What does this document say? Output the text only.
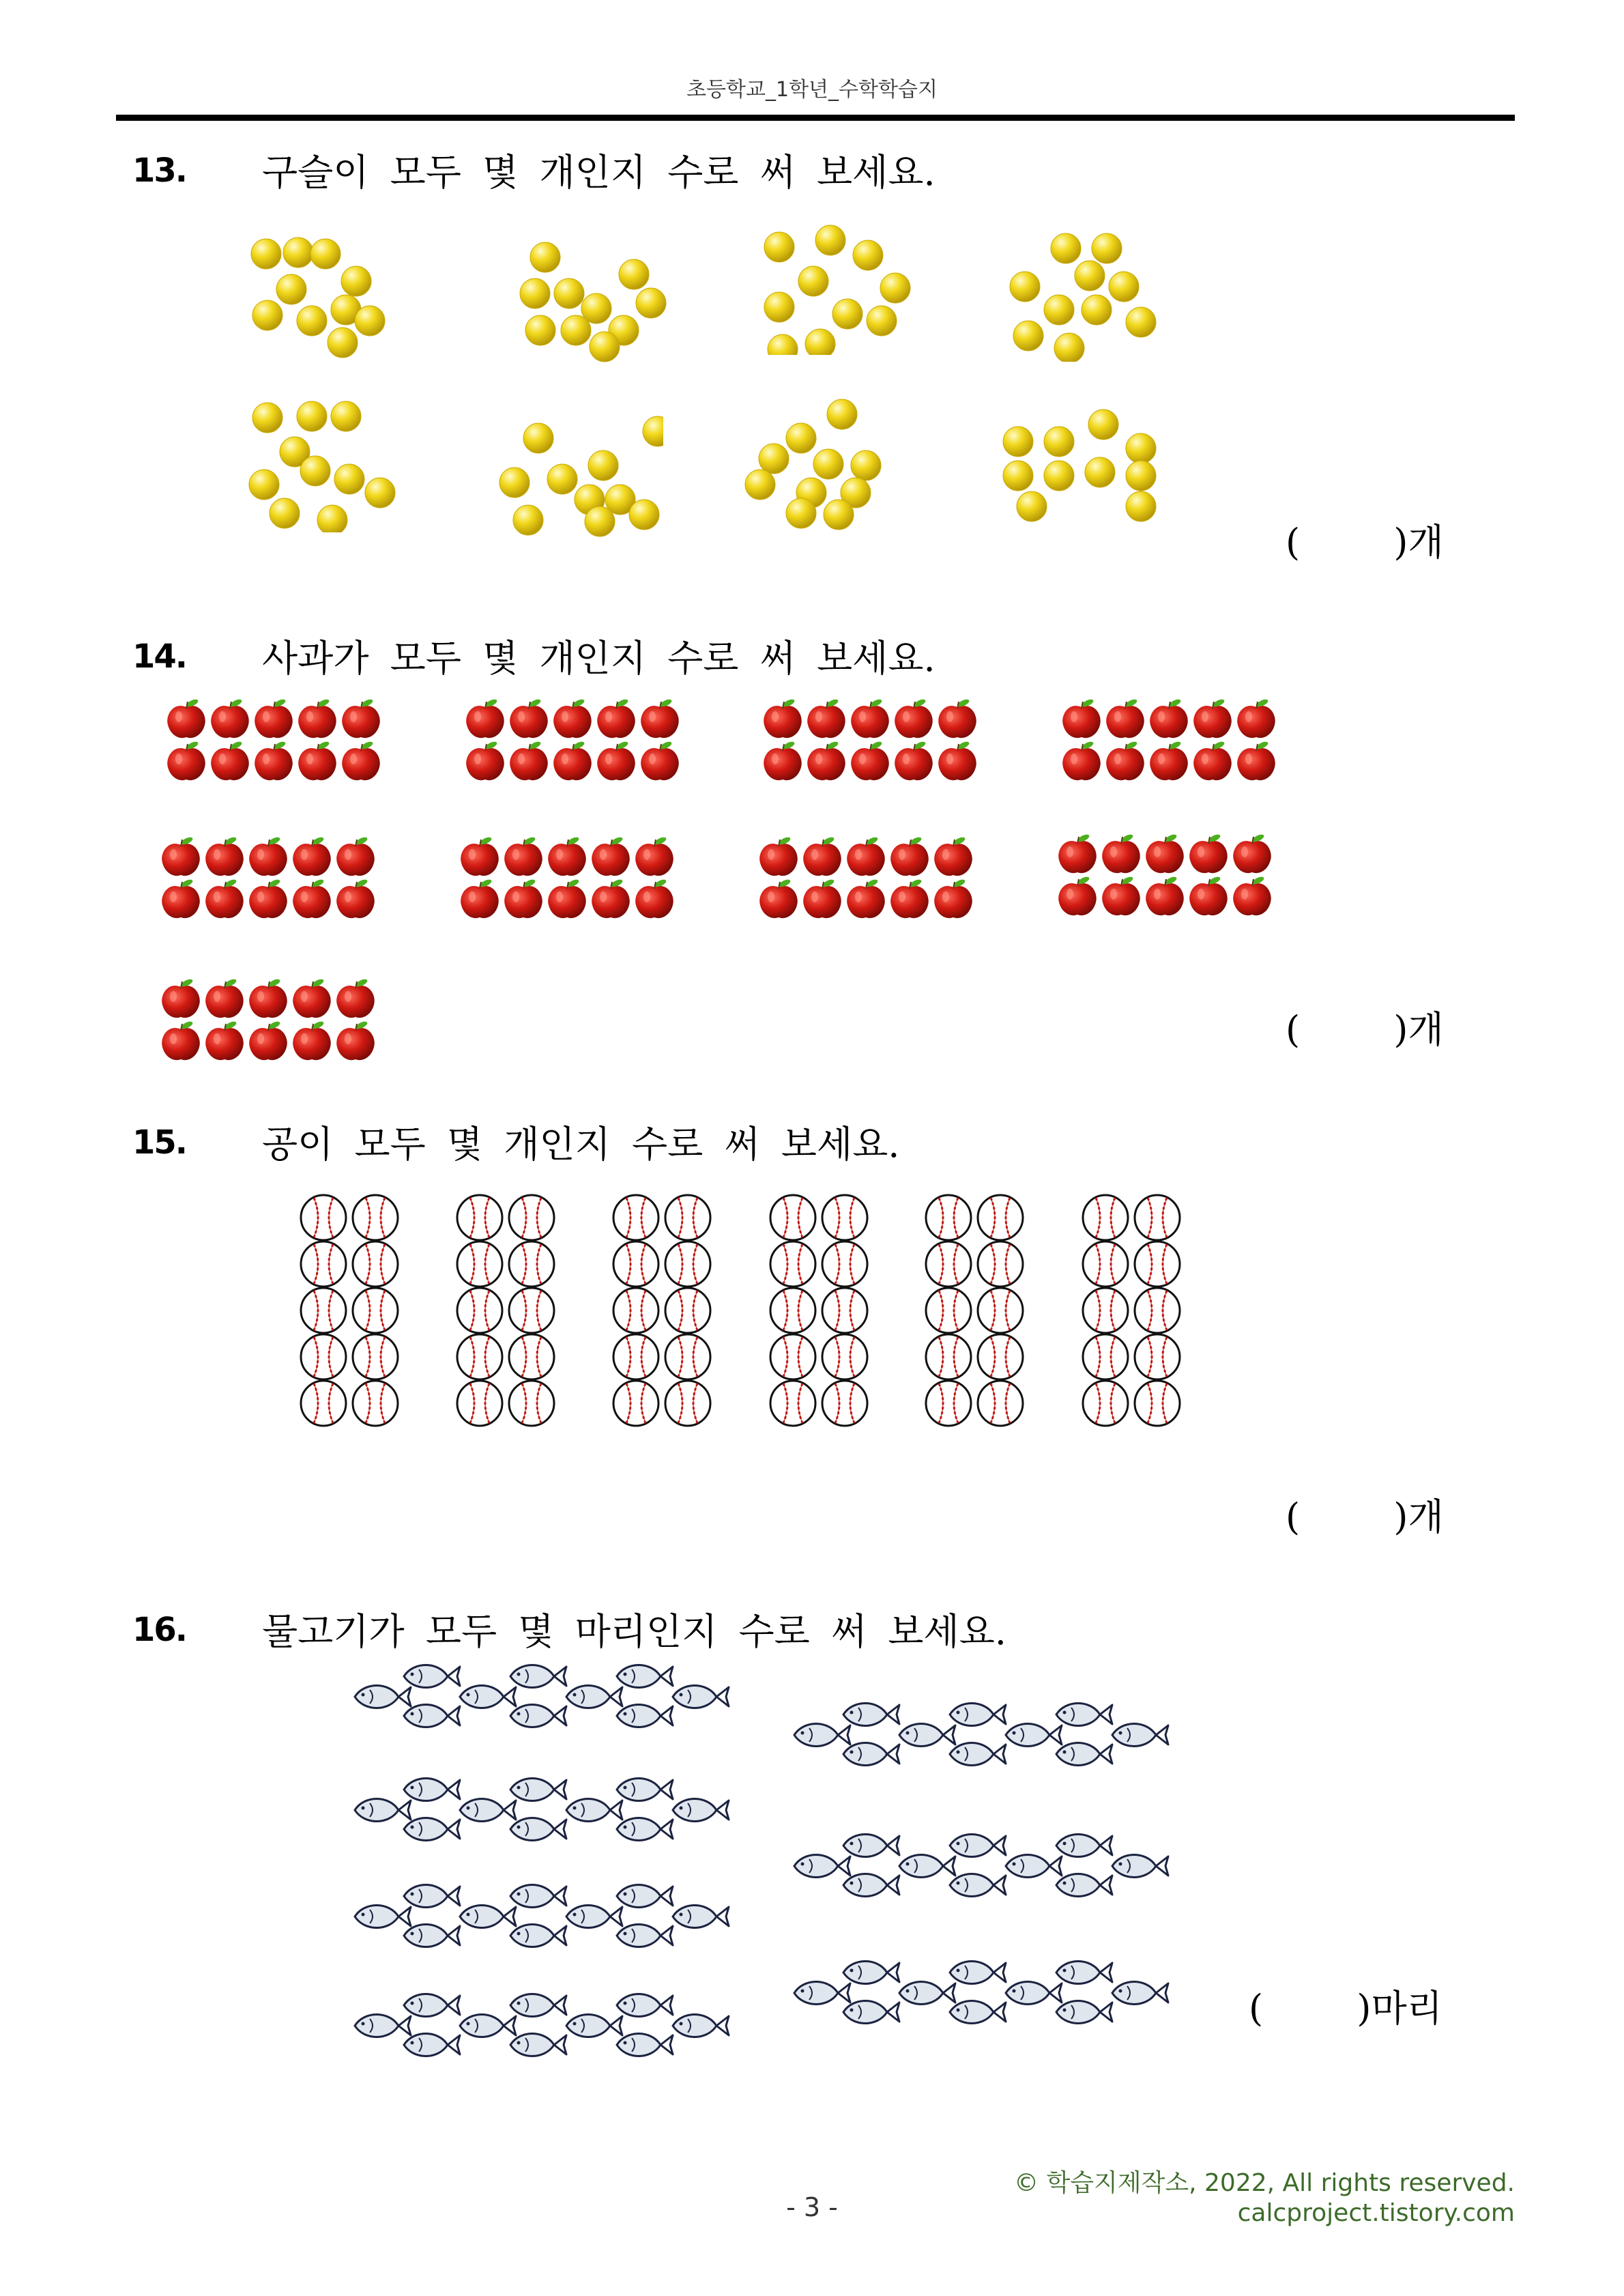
초등학교_1학년_수학학습지
13. 구슬이 모두 몇 개인지 수로 써 보세요.
(        )개
14. 사과가 모두 몇 개인지 수로 써 보세요.
(        )개
15. 공이 모두 몇 개인지 수로 써 보세요.
(        )개
16. 물고기가 모두 몇 마리인지 수로 써 보세요.
(        )마리
© 학습지제작소, 2022, All rights reserved.
calcproject.tistory.com
- 3 -
